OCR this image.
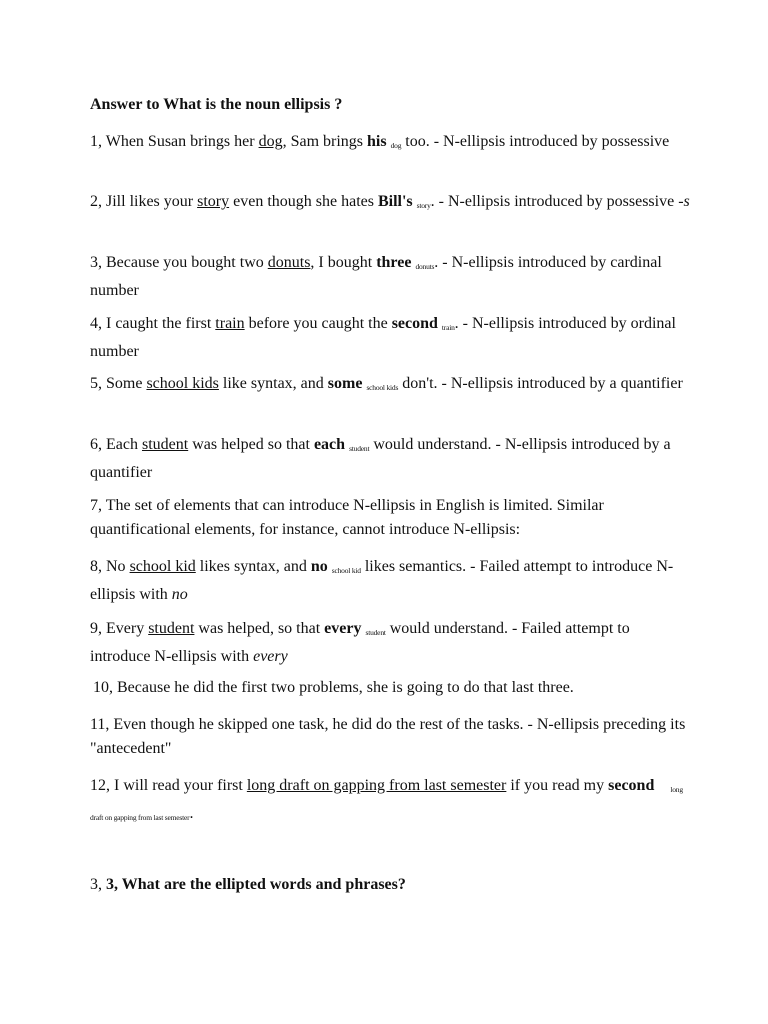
Answer to What is the noun ellipsis ?

1, When Susan brings her dog, Sam brings his dog too. - N-ellipsis introduced by possessive

2, Jill likes your story even though she hates Bill's story. - N-ellipsis introduced by possessive -s

3, Because you bought two donuts, I bought three donuts. - N-ellipsis introduced by cardinal number

4, I caught the first train before you caught the second train. - N-ellipsis introduced by ordinal number

5, Some school kids like syntax, and some school kids don't. - N-ellipsis introduced by a quantifier

6, Each student was helped so that each student would understand. - N-ellipsis introduced by a quantifier

7, The set of elements that can introduce N-ellipsis in English is limited. Similar quantificational elements, for instance, cannot introduce N-ellipsis:

8, No school kid likes syntax, and no school kid likes semantics. - Failed attempt to introduce N-ellipsis with no

9, Every student was helped, so that every student would understand. - Failed attempt to introduce N-ellipsis with every

10, Because he did the first two problems, she is going to do that last three.

11, Even though he skipped one task, he did do the rest of the tasks. - N-ellipsis preceding its "antecedent"

12, I will read your first long draft on gapping from last semester if you read my second long draft on gapping from last semester.

3, 3, What are the ellipted words and phrases?
